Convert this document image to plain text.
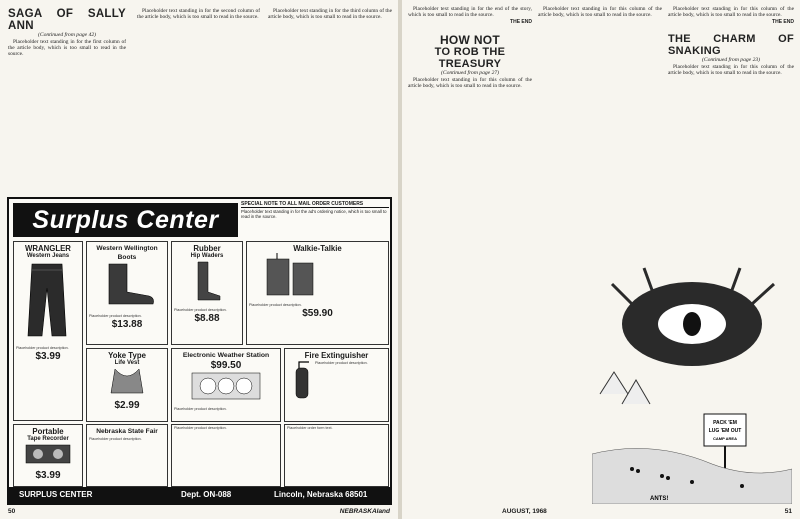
SAGA OF SALLY ANN
(Continued from page 42)

Placeholder text standing in for the first column of the article body, which is too small to read in the source.

Placeholder text standing in for the second column of the article body, which is too small to read in the source.

Placeholder text standing in for the third column of the article body, which is too small to read in the source.

Surplus Center
SPECIAL NOTE TO ALL MAIL ORDER CUSTOMERS
Placeholder text standing in for the ad's ordering notice, which is too small to read in the source.
WRANGLER
Western Jeans
Placeholder product description.
$3.99
Western Wellington Boots
Placeholder product description.
$13.88
Rubber
Hip Waders
Placeholder product description.
$8.88
Walkie-Talkie
Placeholder product description.
$59.90
Yoke Type
Life Vest
$2.99
Electronic Weather Station
$99.50
Placeholder product description.
Fire Extinguisher
Placeholder product description.
Portable
Tape Recorder
$3.99
Nebraska State Fair
Placeholder product description.
Placeholder product description.	Placeholder order form text.
SURPLUS CENTER	Dept. ON-088	Lincoln, Nebraska 68501
50	NEBRASKAland

Placeholder text standing in for the end of the story, which is too small to read in the source.

THE END
HOW NOT
TO ROB THE TREASURY
(Continued from page 27)

Placeholder text standing in for this column of the article body, which is too small to read in the source.

Placeholder text standing in for this column of the article body, which is too small to read in the source.

Placeholder text standing in for this column of the article body, which is too small to read in the source.

THE END
THE CHARM OF SNAKING
(Continued from page 23)

Placeholder text standing in for this column of the article body, which is too small to read in the source.

AUGUST, 1968	51
PACK 'EM
LUG 'EM OUT
CAMP AREA
ANTS!
